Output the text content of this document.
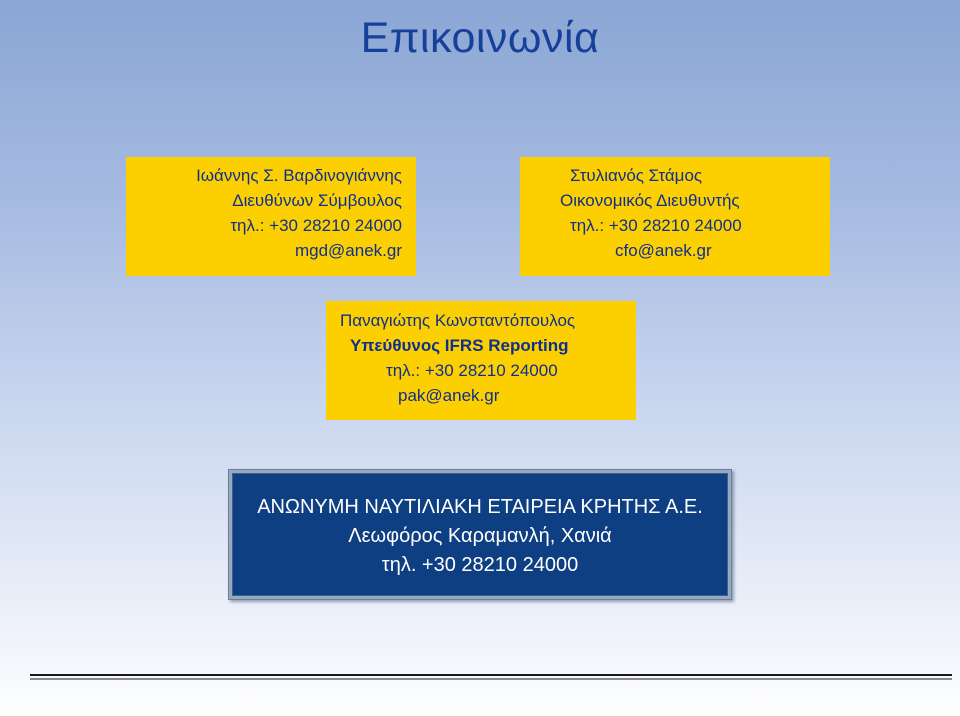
Επικοινωνία
Ιωάννης Σ. Βαρδινογιάννης
Διευθύνων Σύμβουλος
τηλ.: +30 28210 24000
mgd@anek.gr
Στυλιανός Στάμος
Οικονομικός Διευθυντής
τηλ.: +30 28210 24000
cfo@anek.gr
Παναγιώτης Κωνσταντόπουλος
Υπεύθυνος IFRS Reporting
τηλ.: +30 28210 24000
pak@anek.gr
ΑΝΩΝΥΜΗ ΝΑΥΤΙΛΙΑΚΗ ΕΤΑΙΡΕΙΑ ΚΡΗΤΗΣ Α.Ε.
Λεωφόρος Καραμανλή, Χανιά
τηλ. +30 28210 24000
